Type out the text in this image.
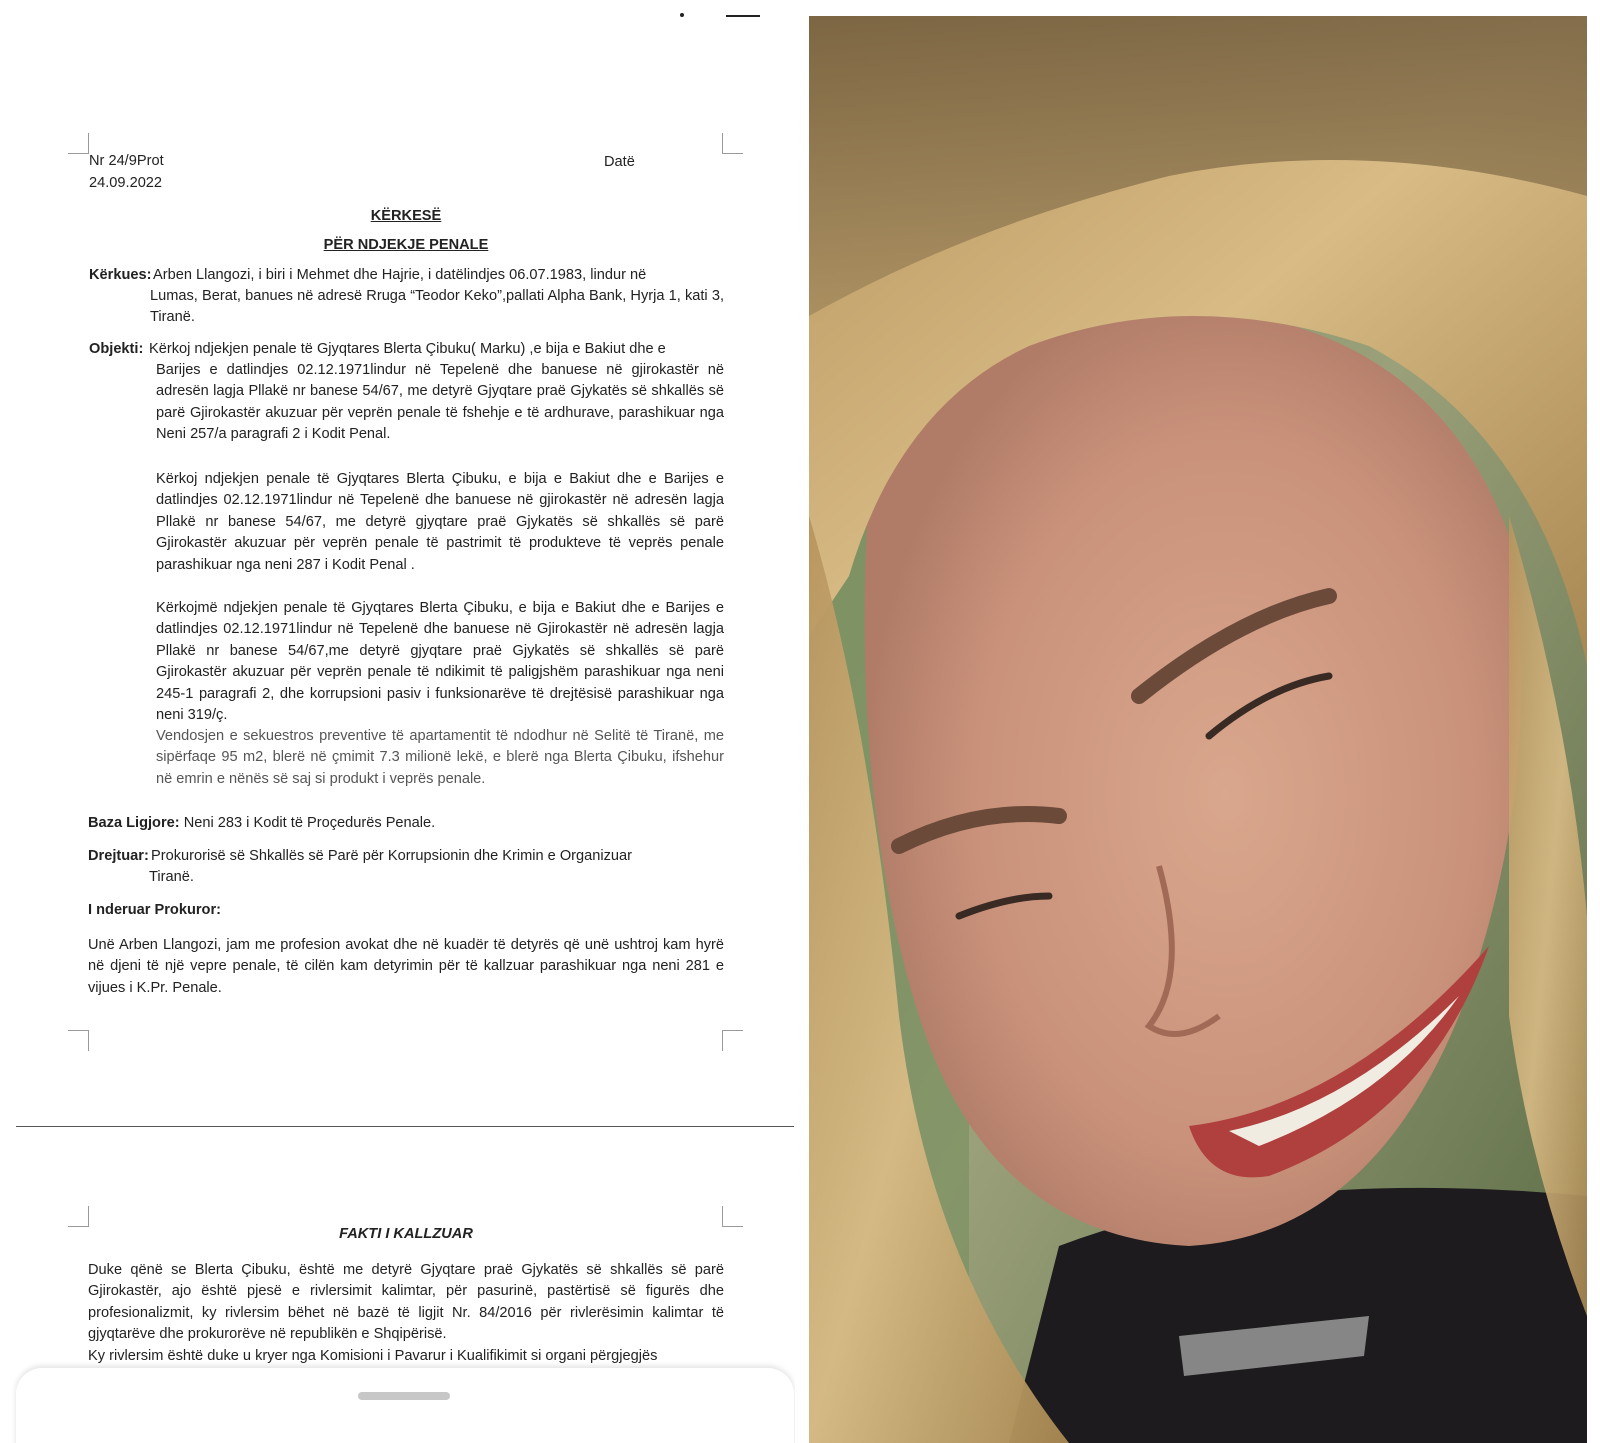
Nr 24/9Prot
24.09.2022
Datë
KËRKESË
PËR NDJEKJE PENALE
Kërkues: Arben Llangozi, i biri i Mehmet dhe Hajrie, i datëlindjes 06.07.1983, lindur në
Lumas, Berat, banues në adresë Rruga “Teodor Keko”,pallati Alpha Bank, Hyrja 1, kati 3, Tiranë.
Objekti: Kërkoj ndjekjen penale të Gjyqtares Blerta Çibuku( Marku) ,e bija e Bakiut dhe e
Barijes e datlindjes 02.12.1971lindur në Tepelenë dhe banuese në gjirokastër në adresën lagja Pllakë nr banese 54/67, me detyrë Gjyqtare praë Gjykatës së shkallës së parë Gjirokastër akuzuar për veprën penale të fshehje e të ardhurave, parashikuar nga Neni 257/a paragrafi 2 i Kodit Penal.
Kërkoj ndjekjen penale të Gjyqtares Blerta Çibuku, e bija e Bakiut dhe e Barijes e datlindjes 02.12.1971lindur në Tepelenë dhe banuese në gjirokastër në adresën lagja Pllakë nr banese 54/67, me detyrë gjyqtare praë Gjykatës së shkallës së parë Gjirokastër akuzuar për veprën penale të pastrimit të produkteve të veprës penale parashikuar nga neni 287 i Kodit Penal .
Kërkojmë ndjekjen penale të Gjyqtares Blerta Çibuku, e bija e Bakiut dhe e Barijes e datlindjes 02.12.1971lindur në Tepelenë dhe banuese në Gjirokastër në adresën lagja Pllakë nr banese 54/67,me detyrë gjyqtare praë Gjykatës së shkallës së parë Gjirokastër akuzuar për veprën penale të ndikimit të paligjshëm parashikuar nga neni 245-1 paragrafi 2, dhe korrupsioni pasiv i funksionarëve të drejtësisë parashikuar nga neni 319/ç.
Vendosjen e sekuestros preventive të apartamentit të ndodhur në Selitë të Tiranë, me sipërfaqe 95 m2, blerë në çmimit 7.3 milionë lekë, e blerë nga Blerta Çibuku, ifshehur në emrin e nënës së saj si produkt i veprës penale.
Baza Ligjore: Neni 283 i Kodit të Proçedurës Penale.
Drejtuar: Prokurorisë së Shkallës së Parë për Korrupsionin dhe Krimin e Organizuar
Tiranë.
I nderuar Prokuror:
Unë Arben Llangozi, jam me profesion avokat dhe në kuadër të detyrës që unë ushtroj kam hyrë në djeni të një vepre penale, të cilën kam detyrimin për të kallzuar parashikuar nga neni 281 e vijues i K.Pr. Penale.
FAKTI I KALLZUAR
Duke qënë se Blerta Çibuku, është me detyrë Gjyqtare praë Gjykatës së shkallës së parë Gjirokastër, ajo është pjesë e rivlersimit kalimtar, për pasurinë, pastërtisë së figurës dhe profesionalizmit, ky rivlersim bëhet në bazë të ligjit Nr. 84/2016 për rivlerësimin kalimtar të gjyqtarëve dhe prokurorëve në republikën e Shqipërisë.
Ky rivlersim është duke u kryer nga Komisioni i Pavarur i Kualifikimit si organi përgjegjës
